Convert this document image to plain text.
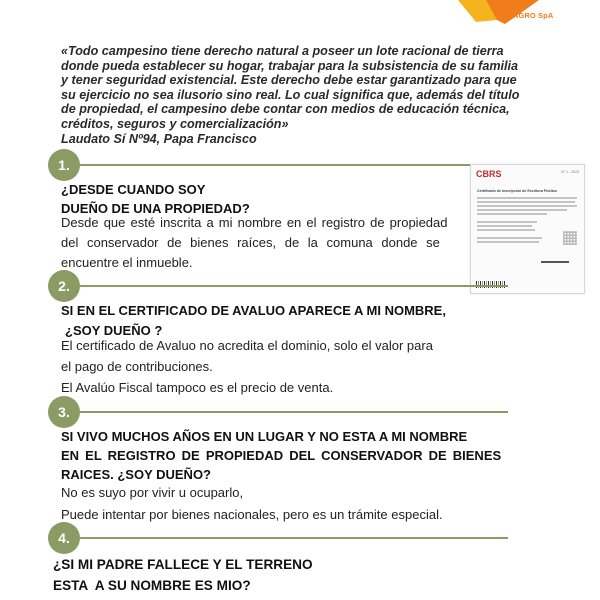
CONAGRO SpA
«Todo campesino tiene derecho natural a poseer un lote racional de tierra
donde pueda establecer su hogar, trabajar para la subsistencia de su familia
y tener seguridad existencial. Este derecho debe estar garantizado para que
su ejercicio no sea ilusorio sino real. Lo cual significa que, además del título
de propiedad, el campesino debe contar con medios de educación técnica,
créditos, seguros y comercialización»
Laudato Sí Nº94, Papa Francisco
1.
¿DESDE CUANDO SOY
DUEÑO DE UNA PROPIEDAD?
Desde que esté inscrita a mi nombre en el registro de propiedad
del conservador de bienes raíces, de la comuna donde se
encuentre el inmueble.
CBRS	N° 1 - 2023
Certificado de Inscripción de Escritura Pública
2.
SI EN EL CERTIFICADO DE AVALUO APARECE A MI NOMBRE,
¿SOY DUEÑO ?
El certificado de Avaluo no acredita el dominio, solo el valor para
el pago de contribuciones.
El Avalúo Fiscal tampoco es el precio de venta.
3.
SI VIVO MUCHOS AÑOS EN UN LUGAR Y NO ESTA A MI NOMBRE
EN EL REGISTRO DE PROPIEDAD DEL CONSERVADOR DE BIENES
RAICES. ¿SOY DUEÑO?
No es suyo por vivir u ocuparlo,
Puede intentar por bienes nacionales, pero es un trámite especial.
4.
¿SI MI PADRE FALLECE Y EL TERRENO
ESTA  A SU NOMBRE ES MIO?
